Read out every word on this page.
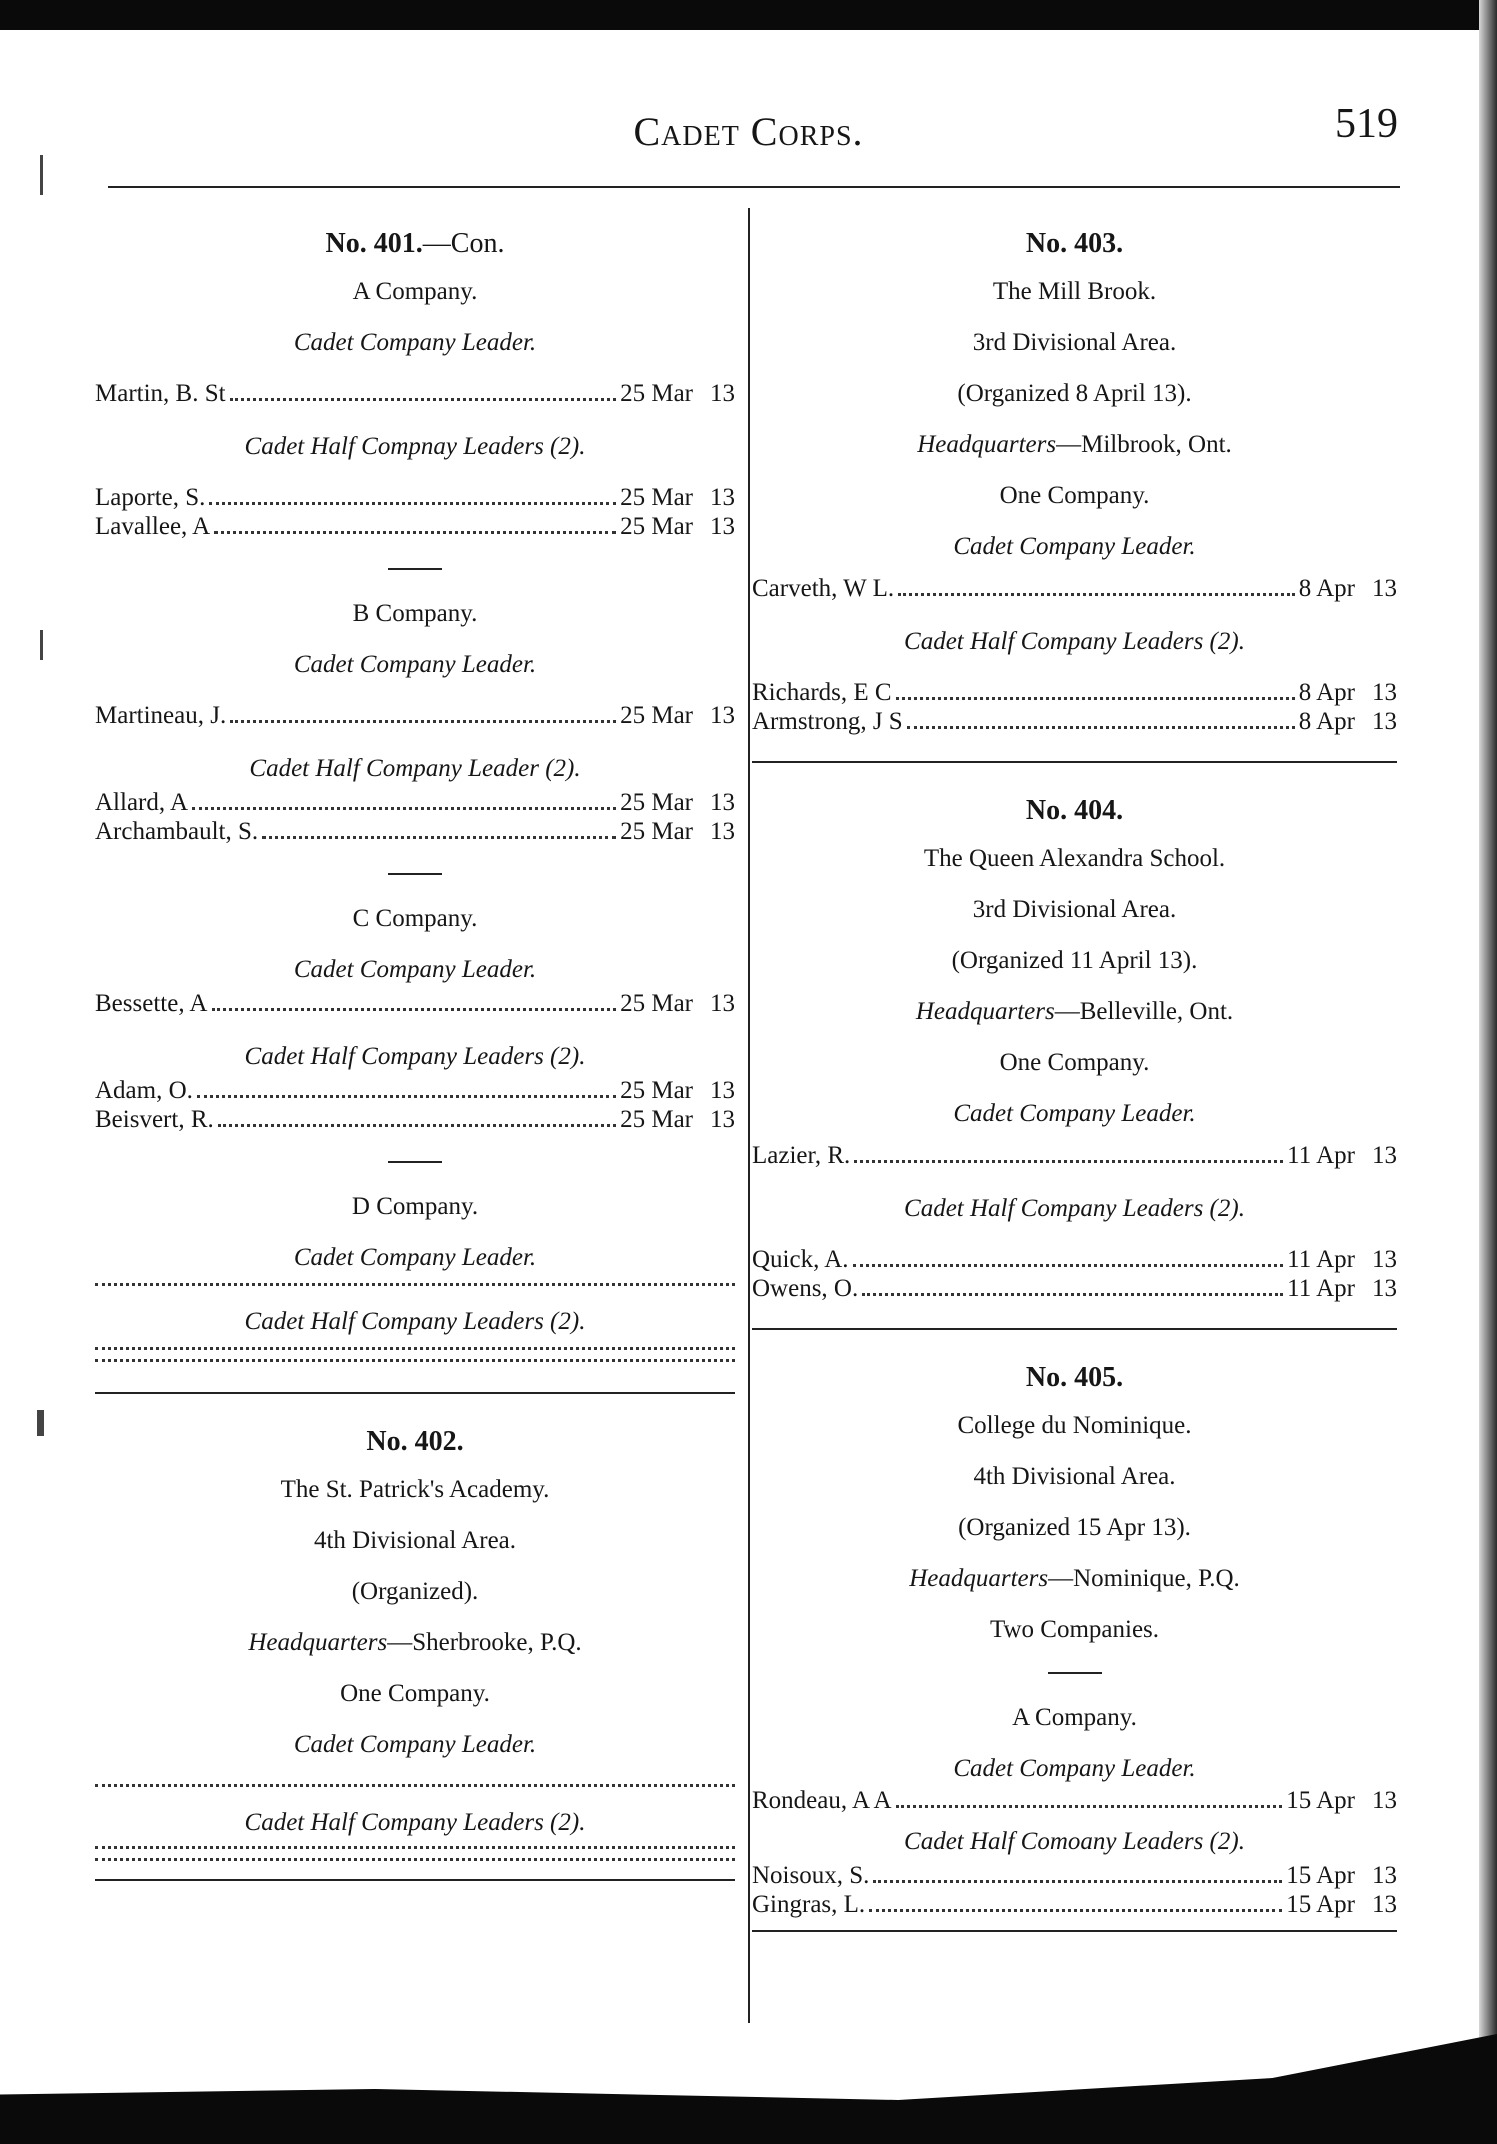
Cadet Corps.	519
No. 401.—Con.
A Company.
Cadet Company Leader.
Martin, B. St	25 Mar 13
Cadet Half Compnay Leaders (2).
Laporte, S.	25 Mar 13
Lavallee, A	25 Mar 13
B Company.
Cadet Company Leader.
Martineau, J.	25 Mar 13
Cadet Half Company Leader (2).
Allard, A	25 Mar 13
Archambault, S.	25 Mar 13
C Company.
Cadet Company Leader.
Bessette, A	25 Mar 13
Cadet Half Company Leaders (2).
Adam, O.	25 Mar 13
Beisvert, R.	25 Mar 13
D Company.
Cadet Company Leader.
Cadet Half Company Leaders (2).
No. 402.
The St. Patrick's Academy.
4th Divisional Area.
(Organized).
Headquarters—Sherbrooke, P.Q.
One Company.
Cadet Company Leader.
Cadet Half Company Leaders (2).
No. 403.
The Mill Brook.
3rd Divisional Area.
(Organized 8 April 13).
Headquarters—Milbrook, Ont.
One Company.
Cadet Company Leader.
Carveth, W L.	8 Apr 13
Cadet Half Company Leaders (2).
Richards, E C	8 Apr 13
Armstrong, J S	8 Apr 13
No. 404.
The Queen Alexandra School.
3rd Divisional Area.
(Organized 11 April 13).
Headquarters—Belleville, Ont.
One Company.
Cadet Company Leader.
Lazier, R.	11 Apr 13
Cadet Half Company Leaders (2).
Quick, A.	11 Apr 13
Owens, O.	11 Apr 13
No. 405.
College du Nominique.
4th Divisional Area.
(Organized 15 Apr 13).
Headquarters—Nominique, P.Q.
Two Companies.
A Company.
Cadet Company Leader.
Rondeau, A A	15 Apr 13
Cadet Half Comoany Leaders (2).
Noisoux, S.	15 Apr 13
Gingras, L.	15 Apr 13
